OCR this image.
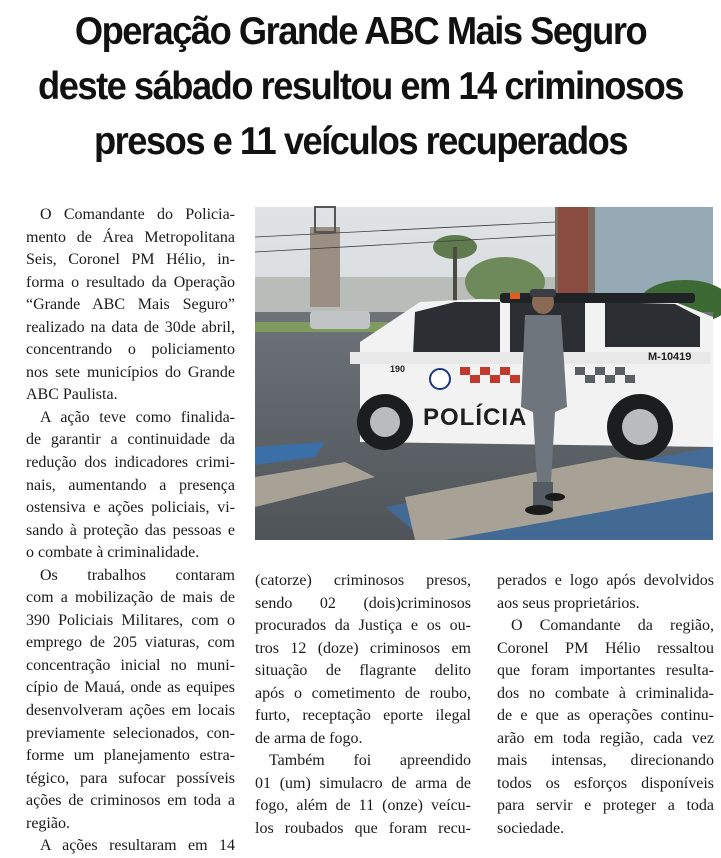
Operação Grande ABC Mais Seguro
deste sábado resultou em 14 criminosos
presos e 11 veículos recuperados
O Comandante do Policia-
mento de Área Metropolitana
Seis, Coronel PM Hélio, in-
forma o resultado da Operação
“Grande ABC Mais Seguro”
realizado na data de 30de abril,
concentrando o policiamento
nos sete municípios do Grande
ABC Paulista.
A ação teve como finalida-
de garantir a continuidade da
redução dos indicadores crimi-
nais, aumentando a presença
ostensiva e ações policiais, vi-
sando à proteção das pessoas e
o combate à criminalidade.
Os trabalhos contaram
com a mobilização de mais de
390 Policiais Militares, com o
emprego de 205 viaturas, com
concentração inicial no muni-
cípio de Mauá, onde as equipes
desenvolveram ações em locais
previamente selecionados, con-
forme um planejamento estra-
tégico, para sufocar possíveis
ações de criminosos em toda a
região.
A ações resultaram em 14
POLÍCIA
M-10419
190
(catorze) criminosos presos,
sendo 02 (dois)criminosos
procurados da Justiça e os ou-
tros 12 (doze) criminosos em
situação de flagrante delito
após o cometimento de roubo,
furto, receptação eporte ilegal
de arma de fogo.
Também foi apreendido
01 (um) simulacro de arma de
fogo, além de 11 (onze) veícu-
los roubados que foram recu-
perados e logo após devolvidos
aos seus proprietários.
O Comandante da região,
Coronel PM Hélio ressaltou
que foram importantes resulta-
dos no combate à criminalida-
de e que as operações continu-
arão em toda região, cada vez
mais intensas, direcionando
todos os esforços disponíveis
para servir e proteger a toda
sociedade.
